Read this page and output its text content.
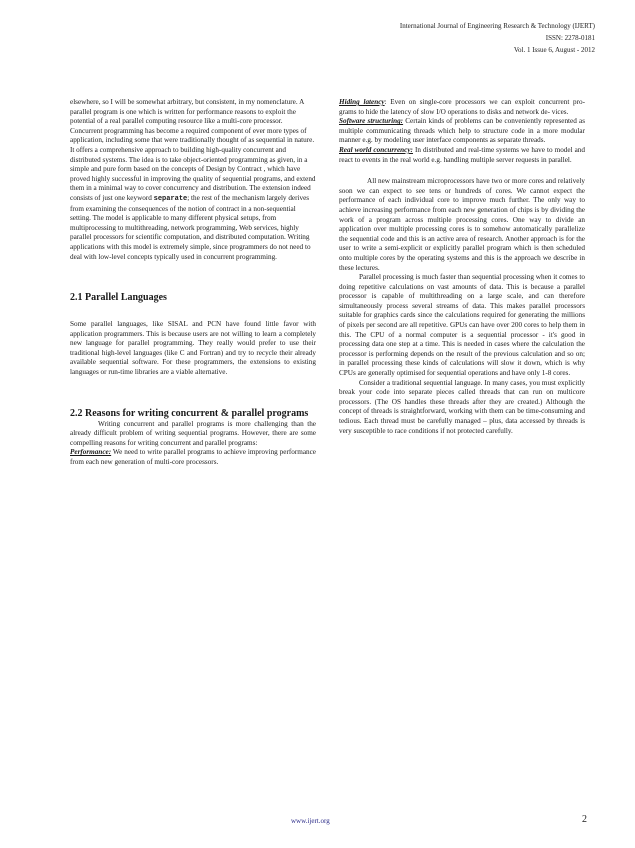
International Journal of Engineering Research & Technology (IJERT)
ISSN: 2278-0181
Vol. 1 Issue 6, August - 2012

elsewhere, so I will be somewhat arbitrary, but consistent, in my nomenclature. A parallel program is one which is written for performance reasons to exploit the potential of a real parallel computing resource like a multi-core processor. Concurrent programming has become a required component of ever more types of application, including some that were traditionally thought of as sequential in nature. It offers a comprehensive approach to building high-quality concurrent and distributed systems. The idea is to take object-oriented programming as given, in a simple and pure form based on the concepts of Design by Contract , which have proved highly successful in improving the quality of sequential programs, and extend them in a minimal way to cover concurrency and distribution. The extension indeed consists of just one keyword separate; the rest of the mechanism largely derives from examining the consequences of the notion of contract in a non-sequential setting. The model is applicable to many different physical setups, from multiprocessing to multithreading, network programming, Web services, highly parallel processors for scientific computation, and distributed computation. Writing applications with this model is extremely simple, since programmers do not need to deal with low-level concepts typically used in concurrent programming.

2.1 Parallel Languages

Some parallel languages, like SISAL and PCN have found little favor with application programmers. This is because users are not willing to learn a completely new language for parallel programming. They really would prefer to use their traditional high-level languages (like C and Fortran) and try to recycle their already available sequential software. For these programmers, the extensions to existing languages or run-time libraries are a viable alternative.

2.2 Reasons for writing concurrent & parallel programs

Writing concurrent and parallel programs is more challenging than the already difficult problem of writing sequential programs. However, there are some compelling reasons for writing concurrent and parallel programs:

Performance: We need to write parallel programs to achieve improving performance from each new generation of multi-core processors.

Hiding latency: Even on single-core processors we can exploit concurrent pro- grams to hide the latency of slow I/O operations to disks and network de- vices.

Software structuring: Certain kinds of problems can be conveniently represented as multiple communicating threads which help to structure code in a more modular manner e.g. by modeling user interface components as separate threads.

Real world concurrency: In distributed and real-time systems we have to model and react to events in the real world e.g. handling multiple server requests in parallel.

All new mainstream microprocessors have two or more cores and relatively soon we can expect to see tens or hundreds of cores. We cannot expect the performance of each individual core to improve much further. The only way to achieve increasing performance from each new generation of chips is by dividing the work of a program across multiple processing cores. One way to divide an application over multiple processing cores is to somehow automatically parallelize the sequential code and this is an active area of research. Another approach is for the user to write a semi-explicit or explicitly parallel program which is then scheduled onto multiple cores by the operating systems and this is the approach we describe in these lectures.

Parallel processing is much faster than sequential processing when it comes to doing repetitive calculations on vast amounts of data. This is because a parallel processor is capable of multithreading on a large scale, and can therefore simultaneously process several streams of data. This makes parallel processors suitable for graphics cards since the calculations required for generating the millions of pixels per second are all repetitive. GPUs can have over 200 cores to help them in this. The CPU of a normal computer is a sequential processor - it's good in processing data one step at a time. This is needed in cases where the calculation the processor is performing depends on the result of the previous calculation and so on; in parallel processing these kinds of calculations will slow it down, which is why CPUs are generally optimised for sequential operations and have only 1-8 cores.

Consider a traditional sequential language. In many cases, you must explicitly break your code into separate pieces called threads that can run on multicore processors. (The OS handles these threads after they are created.) Although the concept of threads is straightforward, working with them can be time-consuming and tedious. Each thread must be carefully managed – plus, data accessed by threads is very susceptible to race conditions if not protected carefully.

www.ijert.org	2
